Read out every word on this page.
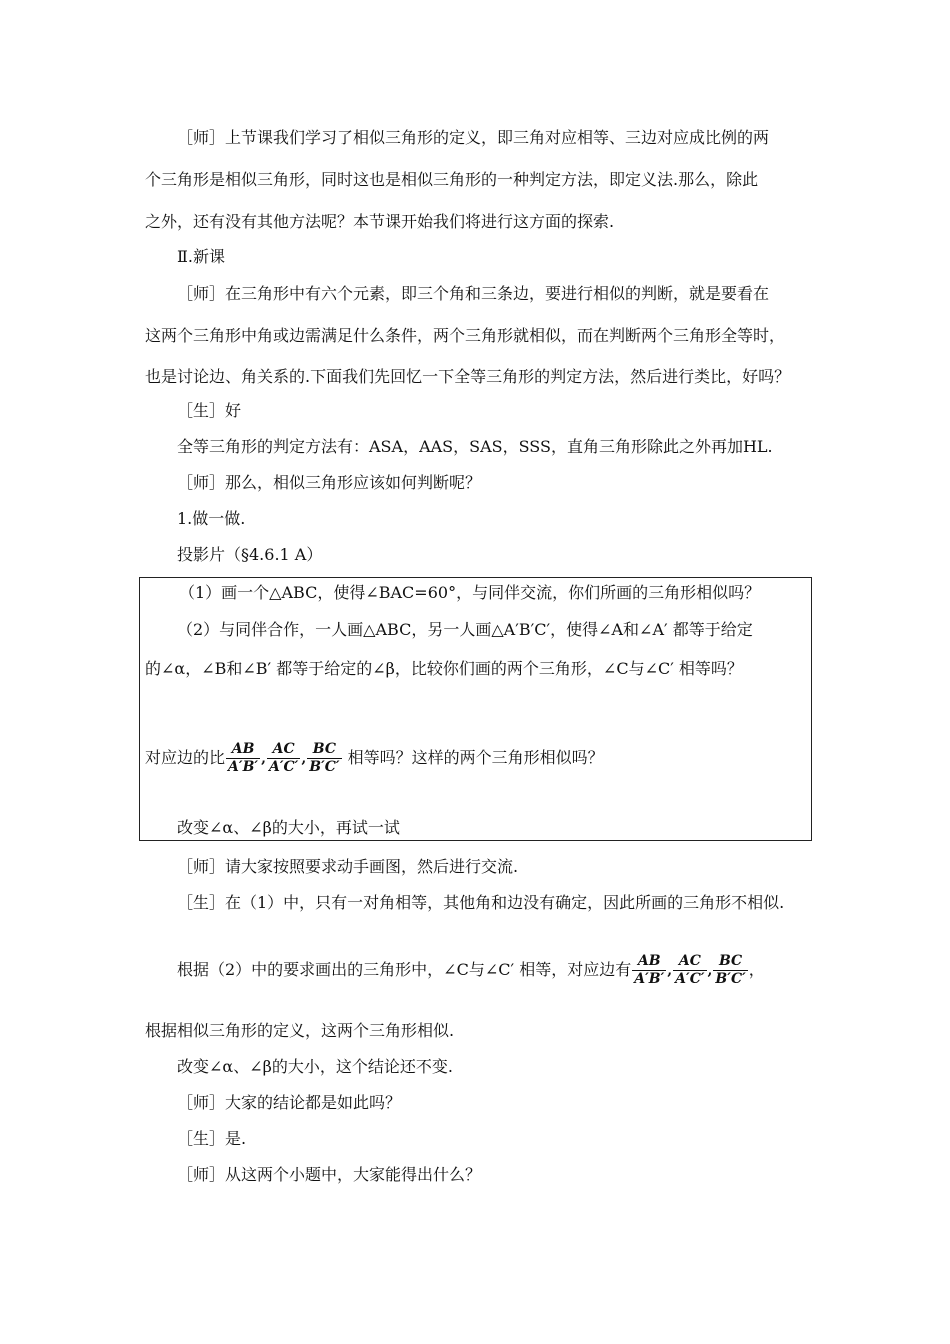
［师］上节课我们学习了相似三角形的定义，即三角对应相等、三边对应成比例的两
个三角形是相似三角形，同时这也是相似三角形的一种判定方法，即定义法.那么，除此
之外，还有没有其他方法呢？本节课开始我们将进行这方面的探索.
Ⅱ.新课
［师］在三角形中有六个元素，即三个角和三条边，要进行相似的判断，就是要看在
这两个三角形中角或边需满足什么条件，两个三角形就相似，而在判断两个三角形全等时，
也是讨论边、角关系的.下面我们先回忆一下全等三角形的判定方法，然后进行类比，好吗？
［生］好
全等三角形的判定方法有：ASA，AAS，SAS，SSS，直角三角形除此之外再加HL.
［师］那么，相似三角形应该如何判断呢？
1.做一做.
投影片（§4.6.1 A）
（1）画一个△ABC，使得∠BAC=60°，与同伴交流，你们所画的三角形相似吗？
（2）与同伴合作，一人画△ABC，另一人画△A′B′C′，使得∠A和∠A′ 都等于给定
的∠α，∠B和∠B′ 都等于给定的∠β，比较你们画的两个三角形，∠C与∠C′ 相等吗？
对应边的比 $\frac{AB}{A'B'}$ , $\frac{AC}{A'C'}$ , $\frac{BC}{B'C'}$ 相等吗？这样的两个三角形相似吗？
改变∠α、∠β的大小，再试一试
［师］请大家按照要求动手画图，然后进行交流.
［生］在（1）中，只有一对角相等，其他角和边没有确定，因此所画的三角形不相似.
根据（2）中的要求画出的三角形中，∠C与∠C′ 相等，对应边有 $\frac{AB}{A'B'}$ , $\frac{AC}{A'C'}$ , $\frac{BC}{B'C'}$ ，
根据相似三角形的定义，这两个三角形相似.
改变∠α、∠β的大小，这个结论还不变.
［师］大家的结论都是如此吗？
［生］是.
［师］从这两个小题中，大家能得出什么？
